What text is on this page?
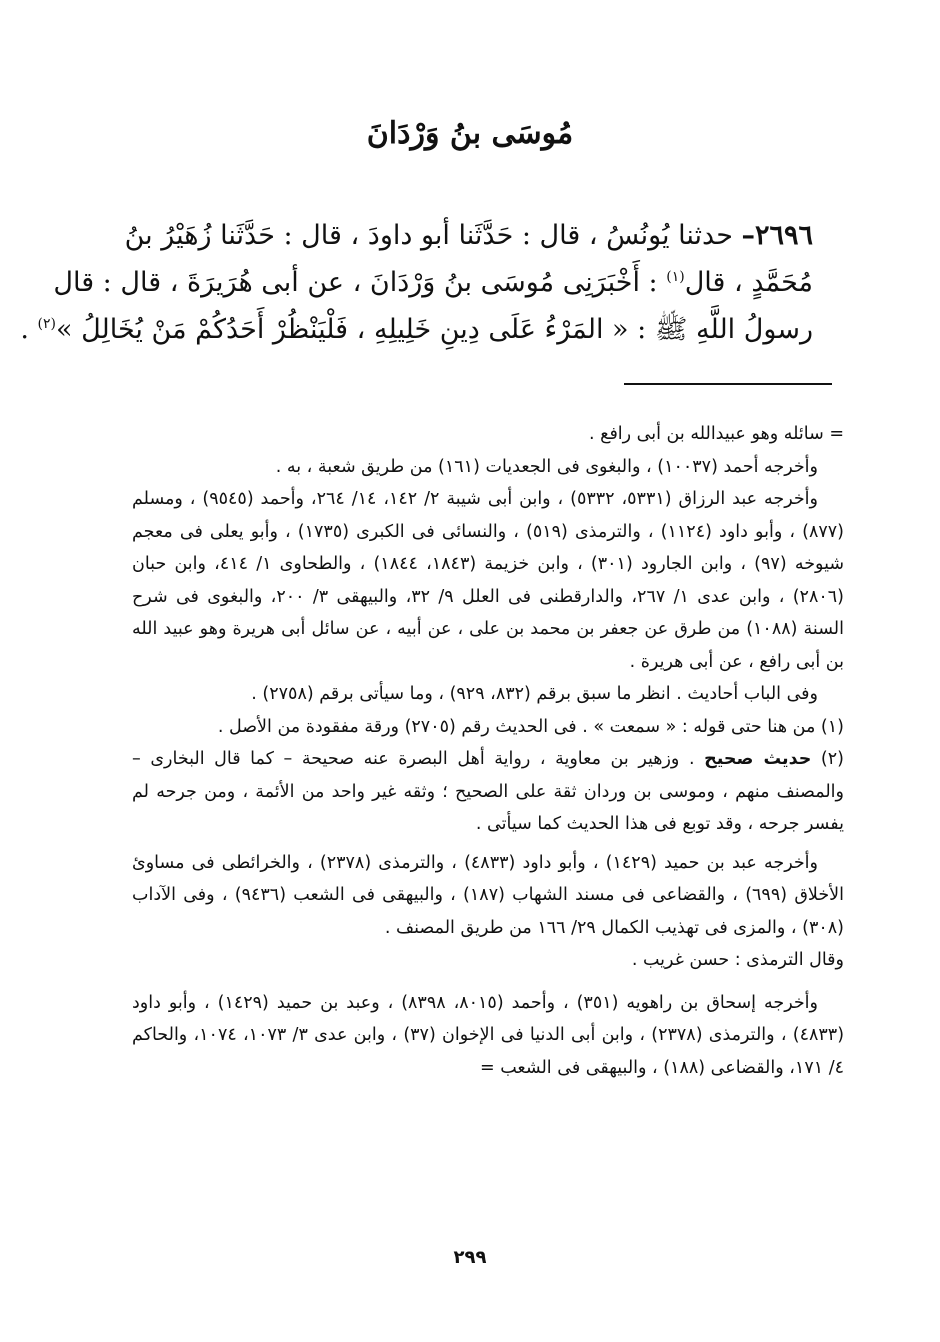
مُوسَى بنُ وَرْدَانَ
٢٦٩٦– حدثنا يُونُسُ ، قال : حَدَّثَنا أبو داودَ ، قال : حَدَّثَنا زُهَيْرُ بنُ
مُحَمَّدٍ ، قال$^{(١)}$ : أَخْبَرَنِى مُوسَى بنُ وَرْدَانَ ، عن أبى هُرَيرَةَ ، قال : قال
رسولُ اللَّهِ ﷺ : « المَرْءُ عَلَى دِينِ خَلِيلِهِ ، فَلْيَنْظُرْ أَحَدُكُمْ مَنْ يُخَالِلُ »$^{(٢)}$ .

= سائله وهو عبيدالله بن أبى رافع .

وأخرجه أحمد (١٠٠٣٧) ، والبغوى فى الجعديات (١٦١) من طريق شعبة ، به .

وأخرجه عبد الرزاق (٥٣٣١، ٥٣٣٢) ، وابن أبى شيبة ٢/ ١٤٢، ١٤/ ٢٦٤، وأحمد (٩٥٤٥) ، ومسلم (٨٧٧) ، وأبو داود (١١٢٤) ، والترمذى (٥١٩) ، والنسائى فى الكبرى (١٧٣٥) ، وأبو يعلى فى معجم شيوخه (٩٧) ، وابن الجارود (٣٠١) ، وابن خزيمة (١٨٤٣، ١٨٤٤) ، والطحاوى ١/ ٤١٤، وابن حبان (٢٨٠٦) ، وابن عدى ١/ ٢٦٧، والدارقطنى فى العلل ٩/ ٣٢، والبيهقى ٣/ ٢٠٠، والبغوى فى شرح السنة (١٠٨٨) من طرق عن جعفر بن محمد بن على ، عن أبيه ، عن سائل أبى هريرة وهو عبيد الله بن أبى رافع ، عن أبى هريرة .

وفى الباب أحاديث . انظر ما سبق برقم (٨٣٢، ٩٢٩) ، وما سيأتى برقم (٢٧٥٨) .

(١) من هنا حتى قوله : « سمعت » . فى الحديث رقم (٢٧٠٥) ورقة مفقودة من الأصل .

(٢) حديث صحيح . وزهير بن معاوية ، رواية أهل البصرة عنه صحيحة – كما قال البخارى – والمصنف منهم ، وموسى بن وردان ثقة على الصحيح ؛ وثقه غير واحد من الأئمة ، ومن جرحه لم يفسر جرحه ، وقد توبع فى هذا الحديث كما سيأتى .

وأخرجه عبد بن حميد (١٤٢٩) ، وأبو داود (٤٨٣٣) ، والترمذى (٢٣٧٨) ، والخرائطى فى مساوئ الأخلاق (٦٩٩) ، والقضاعى فى مسند الشهاب (١٨٧) ، والبيهقى فى الشعب (٩٤٣٦) ، وفى الآداب (٣٠٨) ، والمزى فى تهذيب الكمال ٢٩/ ١٦٦ من طريق المصنف .

وقال الترمذى : حسن غريب .

وأخرجه إسحاق بن راهويه (٣٥١) ، وأحمد (٨٠١٥، ٨٣٩٨) ، وعبد بن حميد (١٤٢٩) ، وأبو داود (٤٨٣٣) ، والترمذى (٢٣٧٨) ، وابن أبى الدنيا فى الإخوان (٣٧) ، وابن عدى ٣/ ١٠٧٣، ١٠٧٤، والحاكم ٤/ ١٧١، والقضاعى (١٨٨) ، والبيهقى فى الشعب =

٢٩٩
